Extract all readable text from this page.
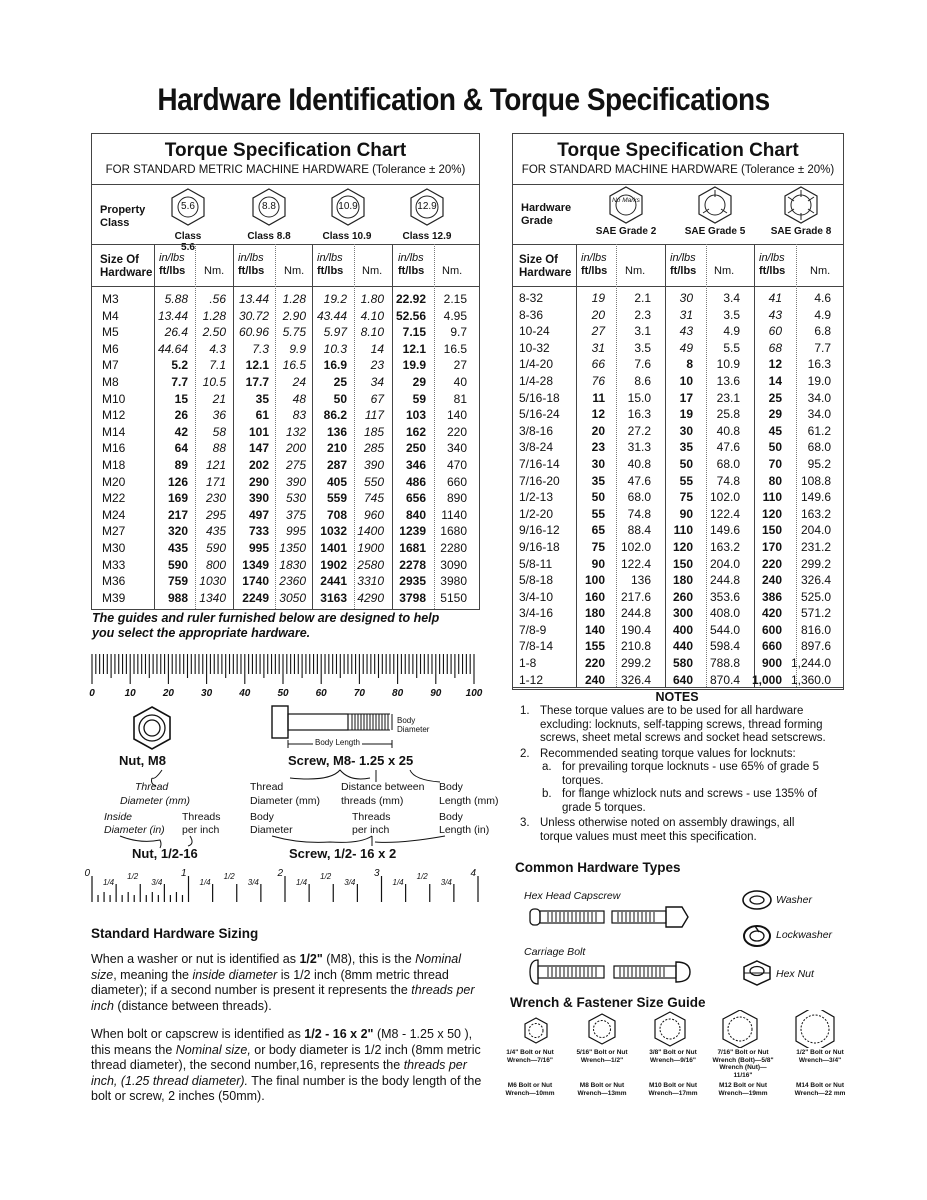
Hardware Identification & Torque Specifications
Torque Specification Chart
FOR STANDARD METRIC MACHINE HARDWARE (Tolerance ± 20%)
Property Class
5.6	8.8	10.9	12.9
Class 5.6
Class 8.8	Class 10.9	Class 12.9
Size Of Hardware
in/lbs
ft/lbs Nm.
in/lbs
ft/lbs Nm.
in/lbs
ft/lbs Nm.
in/lbs
ft/lbs Nm.
M3	5.88	.56	13.44	1.28	19.2	1.80	22.92	2.15	
M4	13.44	1.28	30.72	2.90	43.44	4.10	52.56	4.95	
M5	26.4	2.50	60.96	5.75	5.97	8.10	7.15	9.7	
M6	44.64	4.3	7.3	9.9	10.3	14	12.1	16.5	
M7	5.2	7.1	12.1	16.5	16.9	23	19.9	27	
M8	7.7	10.5	17.7	24	25	34	29	40	
M10	15	21	35	48	50	67	59	81	
M12	26	36	61	83	86.2	117	103	140	
M14	42	58	101	132	136	185	162	220	
M16	64	88	147	200	210	285	250	340	
M18	89	121	202	275	287	390	346	470	
M20	126	171	290	390	405	550	486	660	
M22	169	230	390	530	559	745	656	890	
M24	217	295	497	375	708	960	840	1140	
M27	320	435	733	995	1032	1400	1239	1680	
M30	435	590	995	1350	1401	1900	1681	2280	
M33	590	800	1349	1830	1902	2580	2278	3090	
M36	759	1030	1740	2360	2441	3310	2935	3980	
M39	988	1340	2249	3050	3163	4290	3798	5150	
Torque Specification Chart
FOR STANDARD MACHINE HARDWARE (Tolerance ± 20%)
Hardware Grade
No Marks
SAE Grade 2	SAE Grade 5	SAE Grade 8
Size Of Hardware
in/lbs
ft/lbs Nm.
in/lbs
ft/lbs Nm.
in/lbs
ft/lbs Nm.
8-32	19	2.1	30	3.4	41	4.6	
8-36	20	2.3	31	3.5	43	4.9	
10-24	27	3.1	43	4.9	60	6.8	
10-32	31	3.5	49	5.5	68	7.7	
1/4-20	66	7.6	8	10.9	12	16.3	
1/4-28	76	8.6	10	13.6	14	19.0	
5/16-18	11	15.0	17	23.1	25	34.0	
5/16-24	12	16.3	19	25.8	29	34.0	
3/8-16	20	27.2	30	40.8	45	61.2	
3/8-24	23	31.3	35	47.6	50	68.0	
7/16-14	30	40.8	50	68.0	70	95.2	
7/16-20	35	47.6	55	74.8	80	108.8	
1/2-13	50	68.0	75	102.0	110	149.6	
1/2-20	55	74.8	90	122.4	120	163.2	
9/16-12	65	88.4	110	149.6	150	204.0	
9/16-18	75	102.0	120	163.2	170	231.2	
5/8-11	90	122.4	150	204.0	220	299.2	
5/8-18	100	136	180	244.8	240	326.4	
3/4-10	160	217.6	260	353.6	386	525.0	
3/4-16	180	244.8	300	408.0	420	571.2	
7/8-9	140	190.4	400	544.0	600	816.0	
7/8-14	155	210.8	440	598.4	660	897.6	
1-8	220	299.2	580	788.8	900	1,244.0	
1-12	240	326.4	640	870.4	1,000	1,360.0	
NOTES
1. These torque values are to be used for all hardware excluding: locknuts, self-tapping screws, thread forming screws, sheet metal screws and socket head setscrews.
2. Recommended seating torque values for locknuts:
a. for prevailing torque locknuts - use 65% of grade 5 torques.
b. for flange whizlock nuts and screws - use 135% of grade 5 torques.
3. Unless otherwise noted on assembly drawings, all torque values must meet this specification.
The guides and ruler furnished below are designed to help you select the appropriate hardware.
0	10	20	30	40	50	60	70	80	90	100
Body Diameter
Body Length
Nut, M8	Screw, M8- 1.25 x 25
Thread
Diameter (mm)
Thread
Diameter (mm)
Distance between
threads (mm)
Body
Length (mm)
Inside
Diameter (in)
Threads
per inch
Body
Diameter
Threads
per inch
Body
Length (in)
Nut, 1/2-16	Screw, 1/2- 16 x 2
0
1/4
1/2
3/4
1
1/4
1/2
3/4
2
1/4
1/2
3/4
3
1/4
1/2
3/4
4
Standard Hardware Sizing
When a washer or nut is identified as 1/2" (M8), this is the Nominal size, meaning the inside diameter is 1/2 inch (8mm metric thread diameter); if a second number is present it represents the threads per inch (distance between threads).
When bolt or capscrew is identified as 1/2 - 16 x 2" (M8 - 1.25 x 50 ), this means the Nominal size, or body diameter is 1/2 inch (8mm metric thread diameter), the second number,16, represents the threads per inch, (1.25 thread diameter). The final number is the body length of the bolt or screw, 2 inches (50mm).
Common Hardware Types
Hex Head Capscrew
Carriage Bolt
Washer
Lockwasher
Hex Nut
Wrench & Fastener Size Guide
1/4" Bolt or Nut
Wrench—7/16"
5/16" Bolt or Nut
Wrench—1/2"
3/8" Bolt or Nut
Wrench—9/16"
7/16" Bolt or Nut
Wrench (Bolt)—5/8"
Wrench (Nut)—11/16"
1/2" Bolt or Nut
Wrench—3/4"
M6 Bolt or Nut
Wrench—10mm
M8 Bolt or Nut
Wrench—13mm
M10 Bolt or Nut
Wrench—17mm
M12 Bolt or Nut
Wrench—19mm
M14 Bolt or Nut
Wrench—22 mm
